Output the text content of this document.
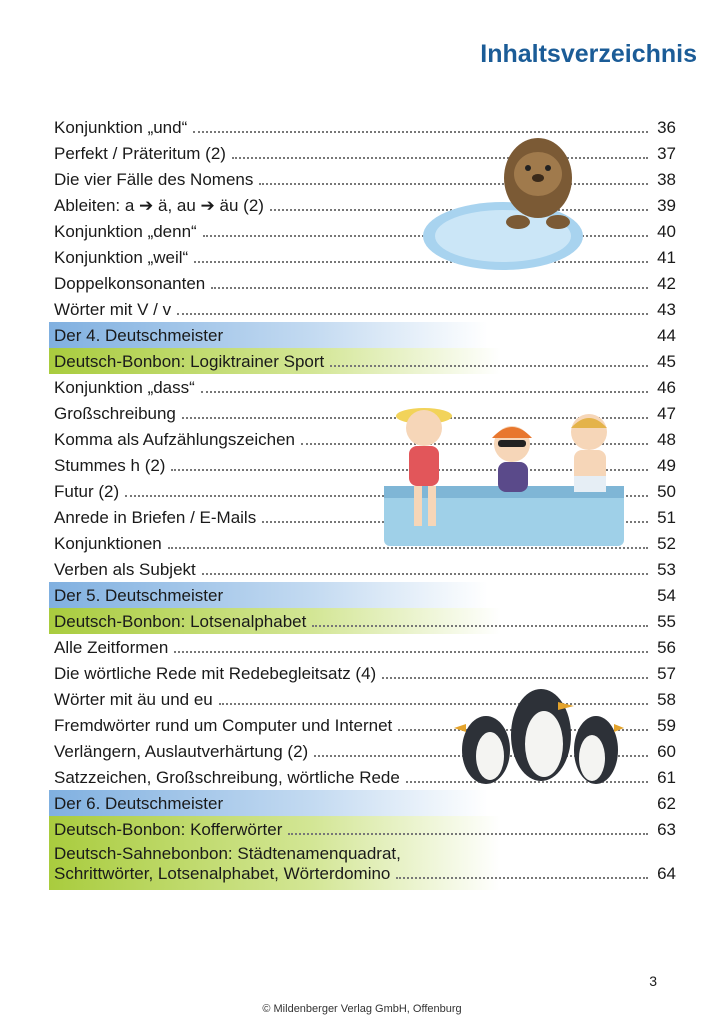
Inhaltsverzeichnis
Konjunktion „und“	36
Perfekt / Präteritum (2)	37
Die vier Fälle des Nomens	38
Ableiten: a ➔ ä, au ➔ äu (2)	39
Konjunktion „denn“	40
Konjunktion „weil“	41
Doppelkonsonanten	42
Wörter mit V / v	43
Der 4. Deutschmeister	44
Deutsch-Bonbon: Logiktrainer Sport	45
Konjunktion „dass“	46
Großschreibung	47
Komma als Aufzählungszeichen	48
Stummes h (2)	49
Futur (2)	50
Anrede in Briefen / E-Mails	51
Konjunktionen	52
Verben als Subjekt	53
Der 5. Deutschmeister	54
Deutsch-Bonbon: Lotsenalphabet	55
Alle Zeitformen	56
Die wörtliche Rede mit Redebegleitsatz (4)	57
Wörter mit äu und eu	58
Fremdwörter rund um Computer und Internet	59
Verlängern, Auslautverhärtung (2)	60
Satzzeichen, Großschreibung, wörtliche Rede	61
Der 6. Deutschmeister	62
Deutsch-Bonbon: Kofferwörter	63
Deutsch-Sahnebonbon: Städtenamenquadrat,
Schrittwörter, Lotsenalphabet, Wörterdomino	64
3
© Mildenberger Verlag GmbH, Offenburg
